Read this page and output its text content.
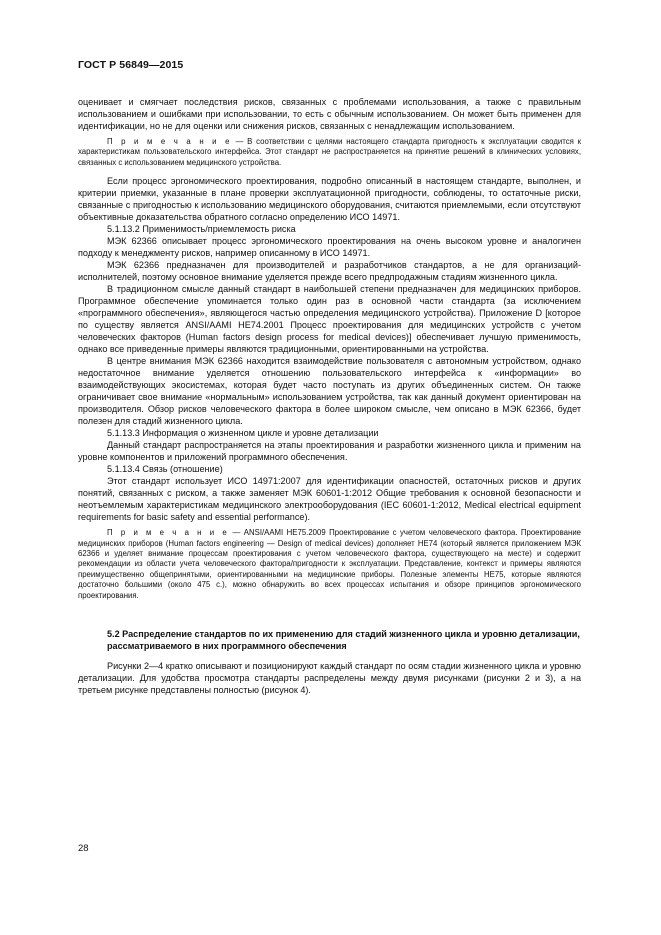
ГОСТ Р 56849—2015

оценивает и смягчает последствия рисков, связанных с проблемами использования, а также с правильным использованием и ошибками при использовании, то есть с обычным использованием. Он может быть применен для идентификации, но не для оценки или снижения рисков, связанных с ненадлежащим использованием.

П р и м е ч а н и е — В соответствии с целями настоящего стандарта пригодность к эксплуатации сводится к характеристикам пользовательского интерфейса. Этот стандарт не распространяется на принятие решений в клинических условиях, связанных с использованием медицинского устройства.

Если процесс эргономического проектирования, подробно описанный в настоящем стандарте, выполнен, и критерии приемки, указанные в плане проверки эксплуатационной пригодности, соблюдены, то остаточные риски, связанные с пригодностью к использованию медицинского оборудования, считаются приемлемыми, если отсутствуют объективные доказательства обратного согласно определению ИСО 14971.

5.1.13.2 Применимость/приемлемость риска

МЭК 62366 описывает процесс эргономического проектирования на очень высоком уровне и аналогичен подходу к менеджменту рисков, например описанному в ИСО 14971.

МЭК 62366 предназначен для производителей и разработчиков стандартов, а не для организаций-исполнителей, поэтому основное внимание уделяется прежде всего предпродажным стадиям жизненного цикла.

В традиционном смысле данный стандарт в наибольшей степени предназначен для медицинских приборов. Программное обеспечение упоминается только один раз в основной части стандарта (за исключением «программного обеспечения», являющегося частью определения медицинского устройства). Приложение D [которое по существу является ANSI/AAMI HE74.2001 Процесс проектирования для медицинских устройств с учетом человеческих факторов (Human factors design process for medical devices)] обеспечивает лучшую применимость, однако все приведенные примеры являются традиционными, ориентированными на устройства.

В центре внимания МЭК 62366 находится взаимодействие пользователя с автономным устройством, однако недостаточное внимание уделяется отношению пользовательского интерфейса к «информации» во взаимодействующих экосистемах, которая будет часто поступать из других объединенных систем. Он также ограничивает свое внимание «нормальным» использованием устройства, так как данный документ ориентирован на производителя. Обзор рисков человеческого фактора в более широком смысле, чем описано в МЭК 62366, будет полезен для стадий жизненного цикла.

5.1.13.3 Информация о жизненном цикле и уровне детализации

Данный стандарт распространяется на этапы проектирования и разработки жизненного цикла и применим на уровне компонентов и приложений программного обеспечения.

5.1.13.4 Связь (отношение)

Этот стандарт использует ИСО 14971:2007 для идентификации опасностей, остаточных рисков и других понятий, связанных с риском, а также заменяет МЭК 60601-1:2012 Общие требования к основной безопасности и неотъемлемым характеристикам медицинского электрооборудования (IEC 60601-1:2012, Medical electrical equipment requirements for basic safety and essential performance).

П р и м е ч а н и е — ANSI/AAMI HE75.2009 Проектирование с учетом человеческого фактора. Проектирование медицинских приборов (Human factors engineering — Design of medical devices) дополняет HE74 (который является приложением МЭК 62366 и уделяет внимание процессам проектирования с учетом человеческого фактора, существующего на месте) и содержит рекомендации из области учета человеческого фактора/пригодности к эксплуатации. Представление, контекст и примеры являются преимущественно общепринятыми, ориентированными на медицинские приборы. Полезные элементы HE75, которые являются достаточно большими (около 475 с.), можно обнаружить во всех процессах испытания и обзоре принципов эргономического проектирования.

5.2 Распределение стандартов по их применению для стадий жизненного цикла и уровню детализации, рассматриваемого в них программного обеспечения

Рисунки 2—4 кратко описывают и позиционируют каждый стандарт по осям стадии жизненного цикла и уровню детализации. Для удобства просмотра стандарты распределены между двумя рисунками (рисунки 2 и 3), а на третьем рисунке представлены полностью (рисунок 4).

28
